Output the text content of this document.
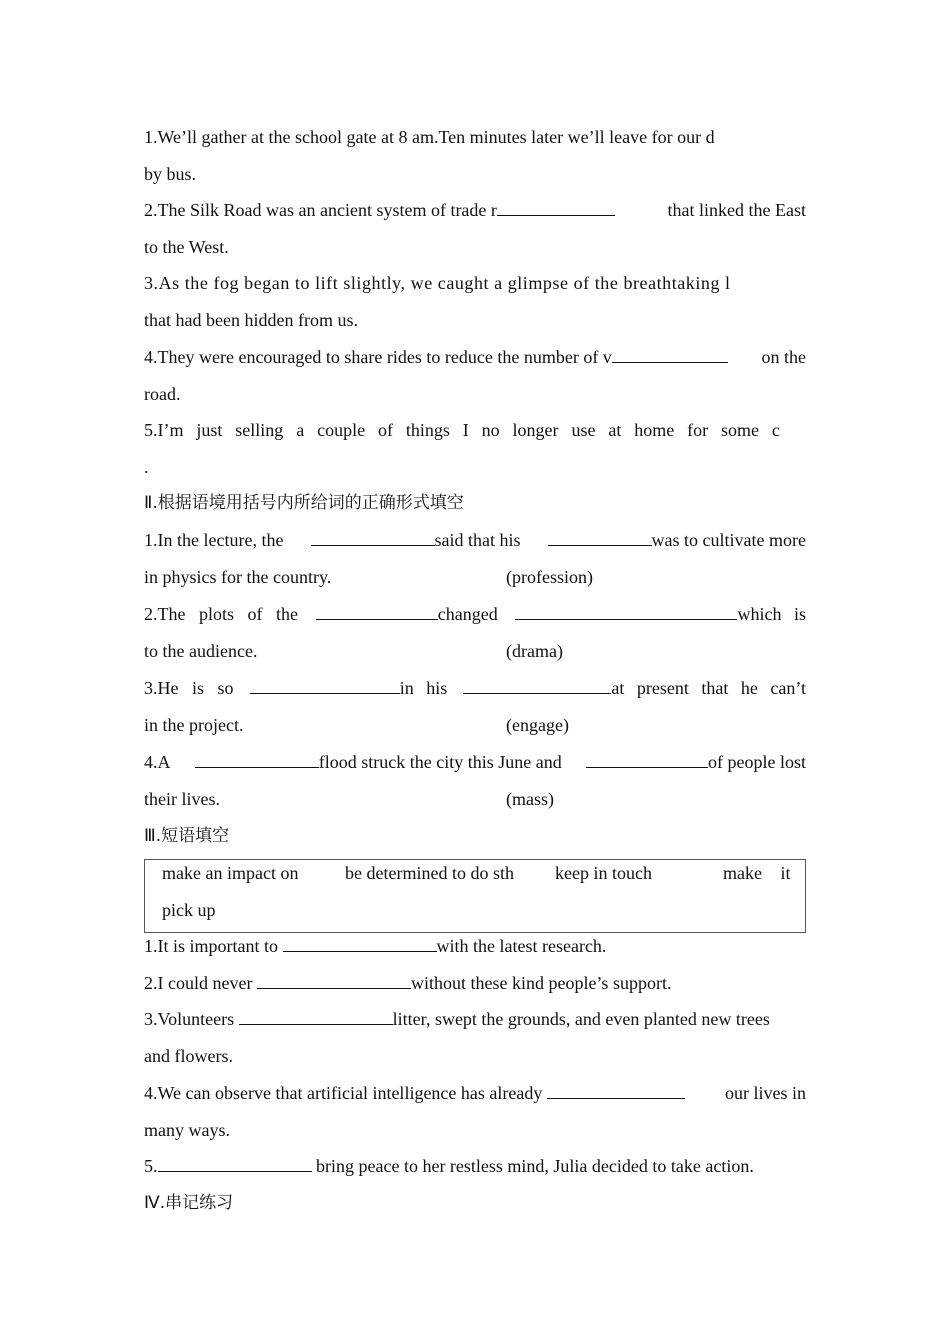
1.We’ll gather at the school gate at 8 am.Ten minutes later we’ll leave for our d
by bus.
2.The Silk Road was an ancient system of trade r	that linked the East
to the West.
3.As the fog began to lift slightly, we caught a glimpse of the breathtaking l
that had been hidden from us.
4.They were encouraged to share rides to reduce the number of v	on the
road.
5.I’m just selling a couple of things I no longer use at home for some c
.
Ⅱ.根据语境用括号内所给词的正确形式填空
1.In the lecture, the	said that his	was to cultivate more
in physics for the country.	(profession)
2.The plots of the	changed	which is
to the audience.	(drama)
3.He is so	in his	at present that he can’t
in the project.	(engage)
4.A	flood struck the city this June and	of people lost
their lives.	(mass)
Ⅲ.短语填空
make an impact on	be determined to do sth keep in touch	make it
pick up
1.It is important to	with the latest research.
2.I could never	without these kind people’s support.
3.Volunteers	litter, swept the grounds, and even planted new trees
and flowers.
4.We can observe that artificial intelligence has already	our lives in
many ways.
5.	bring peace to her restless mind, Julia decided to take action.
Ⅳ.串记练习
